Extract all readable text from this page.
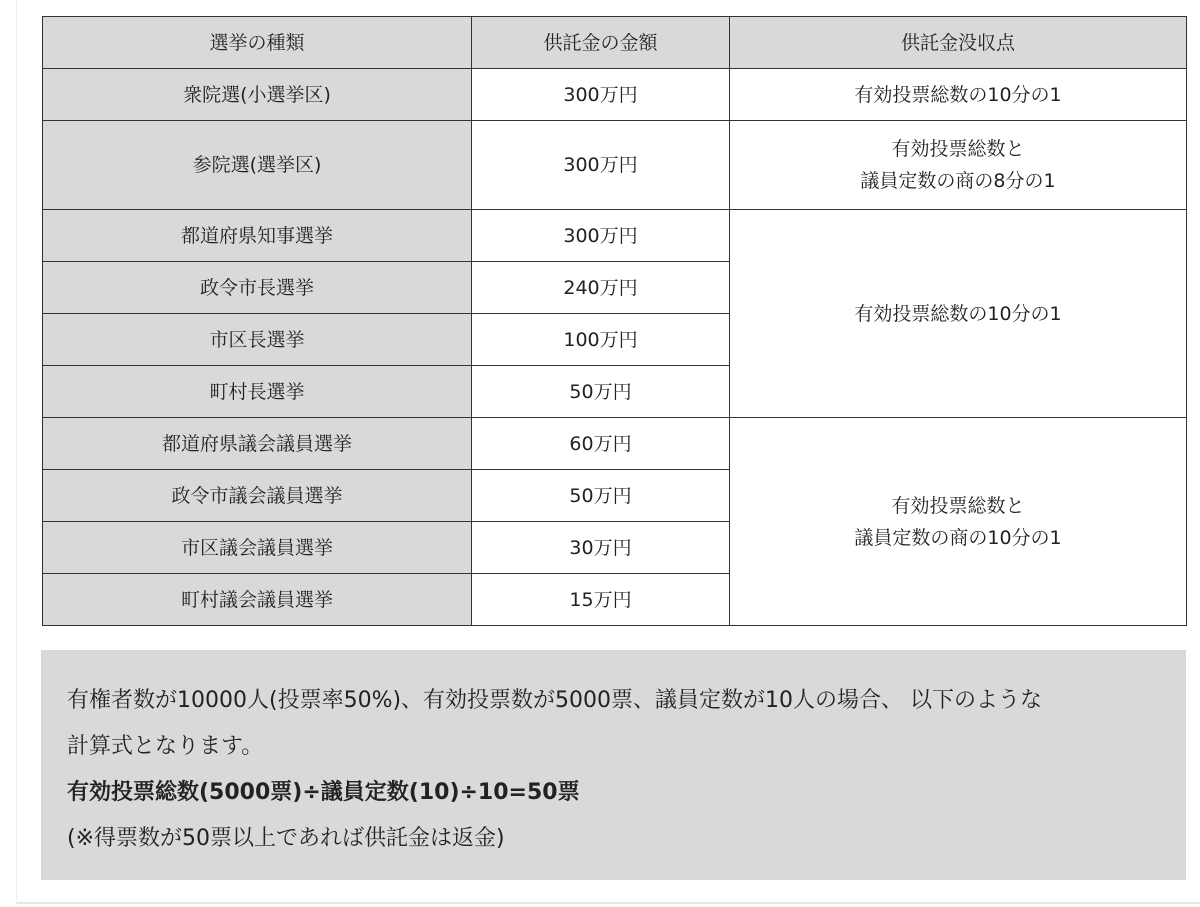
選挙の種類	供託金の金額	供託金没収点
衆院選(小選挙区)	300万円	有効投票総数の10分の1

参院選(選挙区)	300万円	有効投票総数と
議員定数の商の8分の1

都道府県知事選挙	300万円	有効投票総数の10分の1

政令市長選挙	240万円	
市区長選挙	100万円	
町村長選挙	50万円	
都道府県議会議員選挙	60万円	有効投票総数と
議員定数の商の10分の1

政令市議会議員選挙	50万円	
市区議会議員選挙	30万円	
町村議会議員選挙	15万円	

有権者数が10000人(投票率50%)、有効投票数が5000票、議員定数が10人の場合、 以下のような
計算式となります。

有効投票総数(5000票)÷議員定数(10)÷10=50票

(※得票数が50票以上であれば供託金は返金)
